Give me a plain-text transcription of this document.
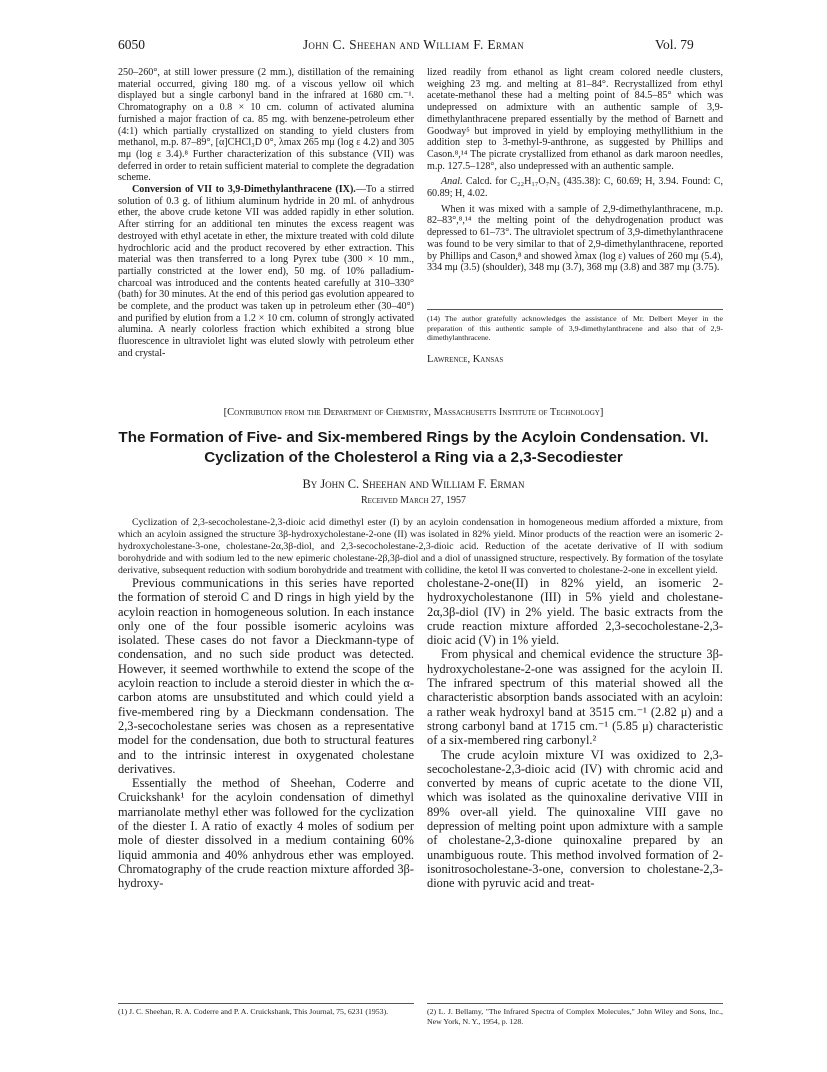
6050	John C. Sheehan and William F. Erman	Vol. 79

250–260°, at still lower pressure (2 mm.), distillation of the remaining material occurred, giving 180 mg. of a viscous yellow oil which displayed but a single carbonyl band in the infrared at 1680 cm.⁻¹. Chromatography on a 0.8 × 10 cm. column of activated alumina furnished a major fraction of ca. 85 mg. with benzene-petroleum ether (4:1) which partially crystallized on standing to yield clusters from methanol, m.p. 87–89°, [α]CHCl₃D 0°, λmax 265 mμ (log ε 4.2) and 305 mμ (log ε 3.4).⁸ Further characterization of this substance (VII) was deferred in order to retain sufficient material to complete the degradation scheme.

Conversion of VII to 3,9-Dimethylanthracene (IX).—To a stirred solution of 0.3 g. of lithium aluminum hydride in 20 ml. of anhydrous ether, the above crude ketone VII was added rapidly in ether solution. After stirring for an additional ten minutes the excess reagent was destroyed with ethyl acetate in ether, the mixture treated with cold dilute hydrochloric acid and the product recovered by ether extraction. This material was then transferred to a long Pyrex tube (300 × 10 mm., partially constricted at the lower end), 50 mg. of 10% palladium-charcoal was introduced and the contents heated carefully at 310–330° (bath) for 30 minutes. At the end of this period gas evolution appeared to be complete, and the product was taken up in petroleum ether (30–40°) and purified by elution from a 1.2 × 10 cm. column of strongly activated alumina. A nearly colorless fraction which exhibited a strong blue fluorescence in ultraviolet light was eluted slowly with petroleum ether and crystal-

lized readily from ethanol as light cream colored needle clusters, weighing 23 mg. and melting at 81–84°. Recrystallized from ethyl acetate-methanol these had a melting point of 84.5–85° which was undepressed on admixture with an authentic sample of 3,9-dimethylanthracene prepared essentially by the method of Barnett and Goodway⁵ but improved in yield by employing methyllithium in the addition step to 3-methyl-9-anthrone, as suggested by Phillips and Cason.⁸,¹⁴ The picrate crystallized from ethanol as dark maroon needles, m.p. 127.5–128°, also undepressed with an authentic sample.

Anal. Calcd. for C₂₂H₁₇O₇N₃ (435.38): C, 60.69; H, 3.94. Found: C, 60.89; H, 4.02.

When it was mixed with a sample of 2,9-dimethylanthracene, m.p. 82–83°,⁸,¹⁴ the melting point of the dehydrogenation product was depressed to 61–73°. The ultraviolet spectrum of 3,9-dimethylanthracene was found to be very similar to that of 2,9-dimethylanthracene, reported by Phillips and Cason,⁸ and showed λmax (log ε) values of 260 mμ (5.4), 334 mμ (3.5) (shoulder), 348 mμ (3.7), 368 mμ (3.8) and 387 mμ (3.75).

(14) The author gratefully acknowledges the assistance of Mr. Delbert Meyer in the preparation of this authentic sample of 3,9-dimethylanthracene and also that of 2,9-dimethylanthracene.
Lawrence, Kansas
[Contribution from the Department of Chemistry, Massachusetts Institute of Technology]
The Formation of Five- and Six-membered Rings by the Acyloin Condensation. VI.
Cyclization of the Cholesterol a Ring via a 2,3-Secodiester
By John C. Sheehan and William F. Erman
Received March 27, 1957
Cyclization of 2,3-secocholestane-2,3-dioic acid dimethyl ester (I) by an acyloin condensation in homogeneous medium afforded a mixture, from which an acyloin assigned the structure 3β-hydroxycholestane-2-one (II) was isolated in 82% yield. Minor products of the reaction were an isomeric 2-hydroxycholestane-3-one, cholestane-2α,3β-diol, and 2,3-secocholestane-2,3-dioic acid. Reduction of the acetate derivative of II with sodium borohydride and with sodium led to the new epimeric cholestane-2β,3β-diol and a diol of unassigned structure, respectively. By formation of the tosylate derivative, subsequent reduction with sodium borohydride and treatment with collidine, the ketol II was converted to cholestane-2-one in excellent yield.

Previous communications in this series have reported the formation of steroid C and D rings in high yield by the acyloin reaction in homogeneous solution. In each instance only one of the four possible isomeric acyloins was isolated. These cases do not favor a Dieckmann-type of condensation, and no such side product was detected. However, it seemed worthwhile to extend the scope of the acyloin reaction to include a steroid diester in which the α-carbon atoms are unsubstituted and which could yield a five-membered ring by a Dieckmann condensation. The 2,3-secocholestane series was chosen as a representative model for the condensation, due both to structural features and to the intrinsic interest in oxygenated cholestane derivatives.

Essentially the method of Sheehan, Coderre and Cruickshank¹ for the acyloin condensation of dimethyl marrianolate methyl ether was followed for the cyclization of the diester I. A ratio of exactly 4 moles of sodium per mole of diester dissolved in a medium containing 60% liquid ammonia and 40% anhydrous ether was employed. Chromatography of the crude reaction mixture afforded 3β-hydroxy-

(1) J. C. Sheehan, R. A. Coderre and P. A. Cruickshank, This Journal, 75, 6231 (1953).

cholestane-2-one(II) in 82% yield, an isomeric 2-hydroxycholestanone (III) in 5% yield and cholestane-2α,3β-diol (IV) in 2% yield. The basic extracts from the crude reaction mixture afforded 2,3-secocholestane-2,3-dioic acid (V) in 1% yield.

From physical and chemical evidence the structure 3β-hydroxycholestane-2-one was assigned for the acyloin II. The infrared spectrum of this material showed all the characteristic absorption bands associated with an acyloin: a rather weak hydroxyl band at 3515 cm.⁻¹ (2.82 μ) and a strong carbonyl band at 1715 cm.⁻¹ (5.85 μ) characteristic of a six-membered ring carbonyl.²

The crude acyloin mixture VI was oxidized to 2,3-secocholestane-2,3-dioic acid (IV) with chromic acid and converted by means of cupric acetate to the dione VII, which was isolated as the quinoxaline derivative VIII in 89% over-all yield. The quinoxaline VIII gave no depression of melting point upon admixture with a sample of cholestane-2,3-dione quinoxaline prepared by an unambiguous route. This method involved formation of 2-isonitrosocholestane-3-one, conversion to cholestane-2,3-dione with pyruvic acid and treat-

(2) L. J. Bellamy, "The Infrared Spectra of Complex Molecules," John Wiley and Sons, Inc., New York, N. Y., 1954, p. 128.
